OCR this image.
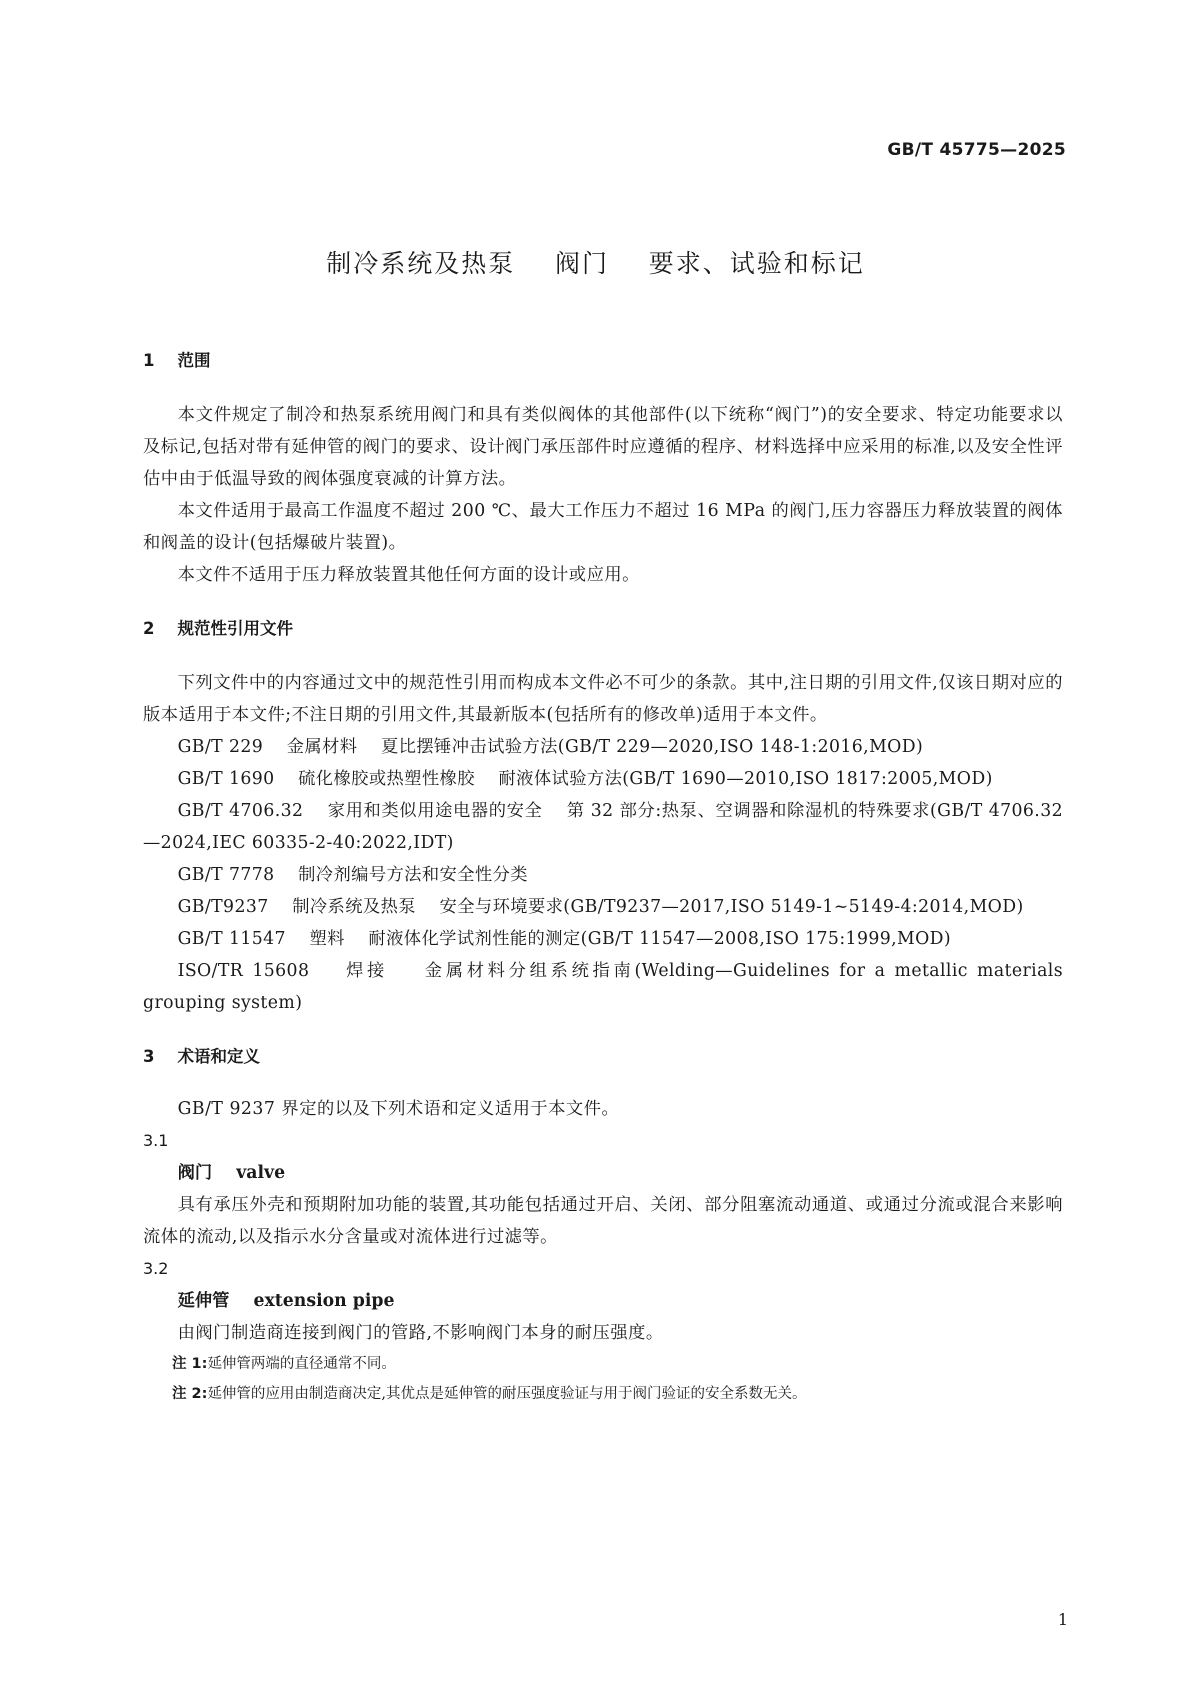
GB/T 45775—2025
制冷系统及热泵    阀门    要求、试验和标记

1    范围

本文件规定了制冷和热泵系统用阀门和具有类似阀体的其他部件(以下统称“阀门”)的安全要求、特定功能要求以及标记,包括对带有延伸管的阀门的要求、设计阀门承压部件时应遵循的程序、材料选择中应采用的标准,以及安全性评估中由于低温导致的阀体强度衰减的计算方法。

本文件适用于最高工作温度不超过 200 ℃、最大工作压力不超过 16 MPa 的阀门,压力容器压力释放装置的阀体和阀盖的设计(包括爆破片装置)。

本文件不适用于压力释放装置其他任何方面的设计或应用。

2    规范性引用文件

下列文件中的内容通过文中的规范性引用而构成本文件必不可少的条款。其中,注日期的引用文件,仅该日期对应的版本适用于本文件;不注日期的引用文件,其最新版本(包括所有的修改单)适用于本文件。

GB/T 229    金属材料    夏比摆锤冲击试验方法(GB/T 229—2020,ISO 148-1:2016,MOD)

GB/T 1690    硫化橡胶或热塑性橡胶    耐液体试验方法(GB/T 1690—2010,ISO 1817:2005,MOD)

GB/T 4706.32    家用和类似用途电器的安全    第 32 部分:热泵、空调器和除湿机的特殊要求(GB/T 4706.32—2024,IEC 60335-2-40:2022,IDT)

GB/T 7778    制冷剂编号方法和安全性分类

GB/T9237    制冷系统及热泵    安全与环境要求(GB/T9237—2017,ISO 5149-1~5149-4:2014,MOD)

GB/T 11547    塑料    耐液体化学试剂性能的测定(GB/T 11547—2008,ISO 175:1999,MOD)

ISO/TR 15608    焊接    金属材料分组系统指南(Welding—Guidelines for a metallic materials grouping system)

3    术语和定义

GB/T 9237 界定的以及下列术语和定义适用于本文件。

3.1

阀门    valve

具有承压外壳和预期附加功能的装置,其功能包括通过开启、关闭、部分阻塞流动通道、或通过分流或混合来影响流体的流动,以及指示水分含量或对流体进行过滤等。

3.2

延伸管    extension pipe

由阀门制造商连接到阀门的管路,不影响阀门本身的耐压强度。

注 1:延伸管两端的直径通常不同。

注 2:延伸管的应用由制造商决定,其优点是延伸管的耐压强度验证与用于阀门验证的安全系数无关。

1
